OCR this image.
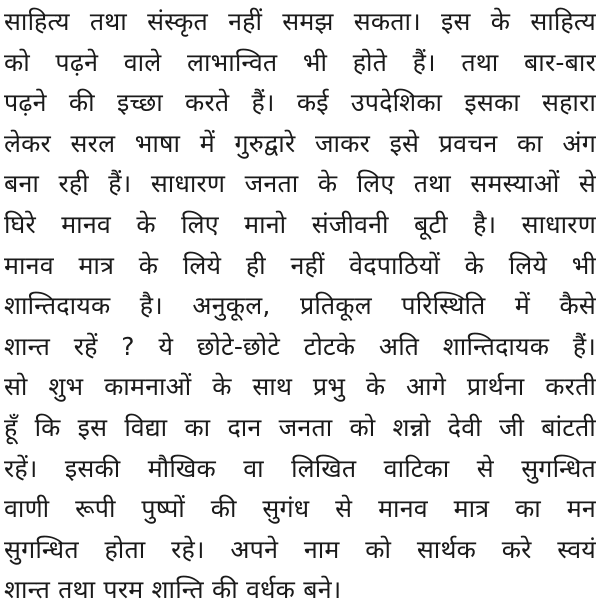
साहित्य तथा संस्कृत नहीं समझ सकता। इस के साहित्य
को पढ़ने वाले लाभान्वित भी होते हैं। तथा बार-बार
पढ़ने की इच्छा करते हैं। कई उपदेशिका इसका सहारा
लेकर सरल भाषा में गुरुद्वारे जाकर इसे प्रवचन का अंग
बना रही हैं। साधारण जनता के लिए तथा समस्याओं से
घिरे मानव के लिए मानो संजीवनी बूटी है। साधारण
मानव मात्र के लिये ही नहीं वेदपाठियों के लिये भी
शान्तिदायक है। अनुकूल, प्रतिकूल परिस्थिति में कैसे
शान्त रहें ? ये छोटे-छोटे टोटके अति शान्तिदायक हैं।
सो शुभ कामनाओं के साथ प्रभु के आगे प्रार्थना करती
हूँ कि इस विद्या का दान जनता को शन्नो देवी जी बांटती
रहें। इसकी मौखिक वा लिखित वाटिका से सुगन्धित
वाणी रूपी पुष्पों की सुगंध से मानव मात्र का मन
सुगन्धित होता रहे। अपने नाम को सार्थक करे स्वयं
शान्त तथा परम शान्ति की वर्धक बने।
